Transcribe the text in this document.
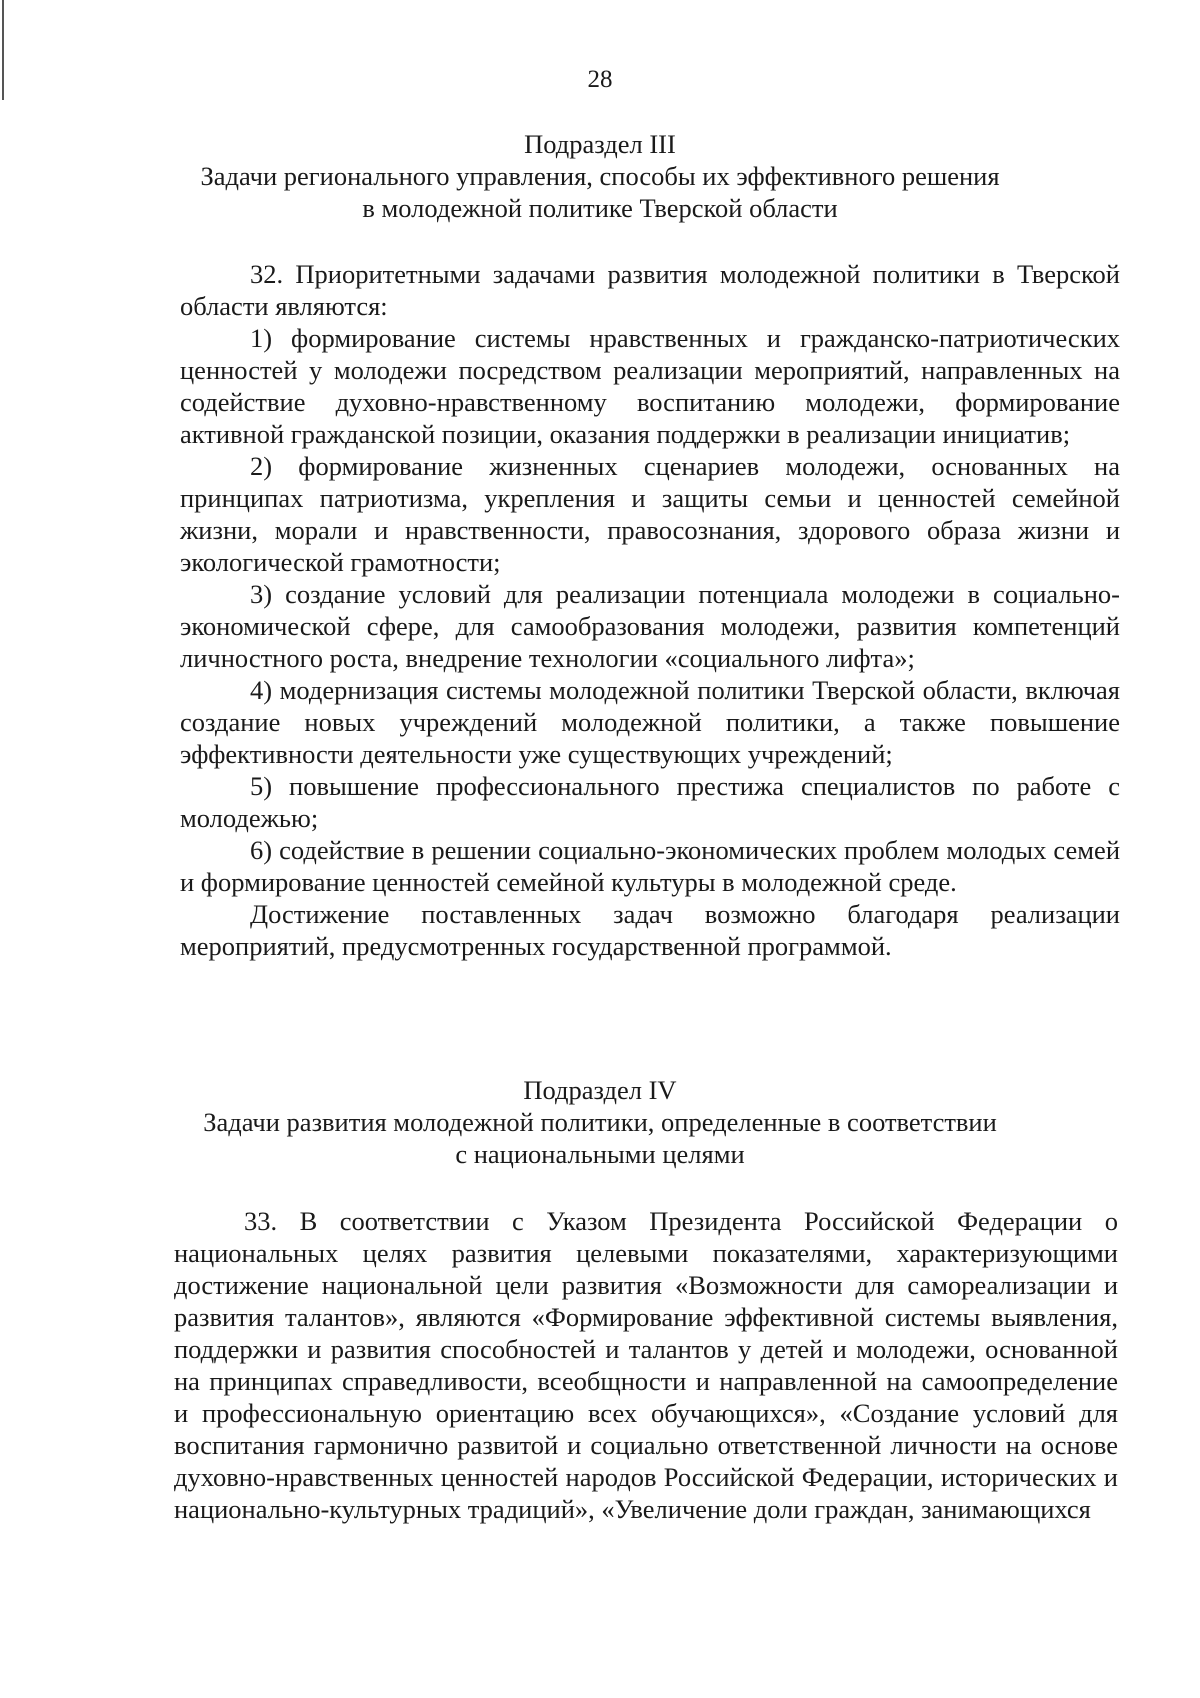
28
Подраздел III
Задачи регионального управления, способы их эффективного решения
в молодежной политике Тверской области

32. Приоритетными задачами развития молодежной политики в Тверской области являются:

1) формирование системы нравственных и гражданско-патриотических ценностей у молодежи посредством реализации мероприятий, направленных на содействие духовно-нравственному воспитанию молодежи, формирование активной гражданской позиции, оказания поддержки в реализации инициатив;

2) формирование жизненных сценариев молодежи, основанных на принципах патриотизма, укрепления и защиты семьи и ценностей семейной жизни, морали и нравственности, правосознания, здорового образа жизни и экологической грамотности;

3) создание условий для реализации потенциала молодежи в социально-экономической сфере, для самообразования молодежи, развития компетенций личностного роста, внедрение технологии «социального лифта»;

4) модернизация системы молодежной политики Тверской области, включая создание новых учреждений молодежной политики, а также повышение эффективности деятельности уже существующих учреждений;

5) повышение профессионального престижа специалистов по работе с молодежью;

6) содействие в решении социально-экономических проблем молодых семей и формирование ценностей семейной культуры в молодежной среде.

Достижение поставленных задач возможно благодаря реализации мероприятий, предусмотренных государственной программой.

Подраздел IV
Задачи развития молодежной политики, определенные в соответствии
с национальными целями

33. В соответствии с Указом Президента Российской Федерации о национальных целях развития целевыми показателями, характеризующими достижение национальной цели развития «Возможности для самореализации и развития талантов», являются «Формирование эффективной системы выявления, поддержки и развития способностей и талантов у детей и молодежи, основанной на принципах справедливости, всеобщности и направленной на самоопределение и профессиональную ориентацию всех обучающихся», «Создание условий для воспитания гармонично развитой и социально ответственной личности на основе духовно-нравственных ценностей народов Российской Федерации, исторических и национально-культурных традиций», «Увеличение доли граждан, занимающихся
